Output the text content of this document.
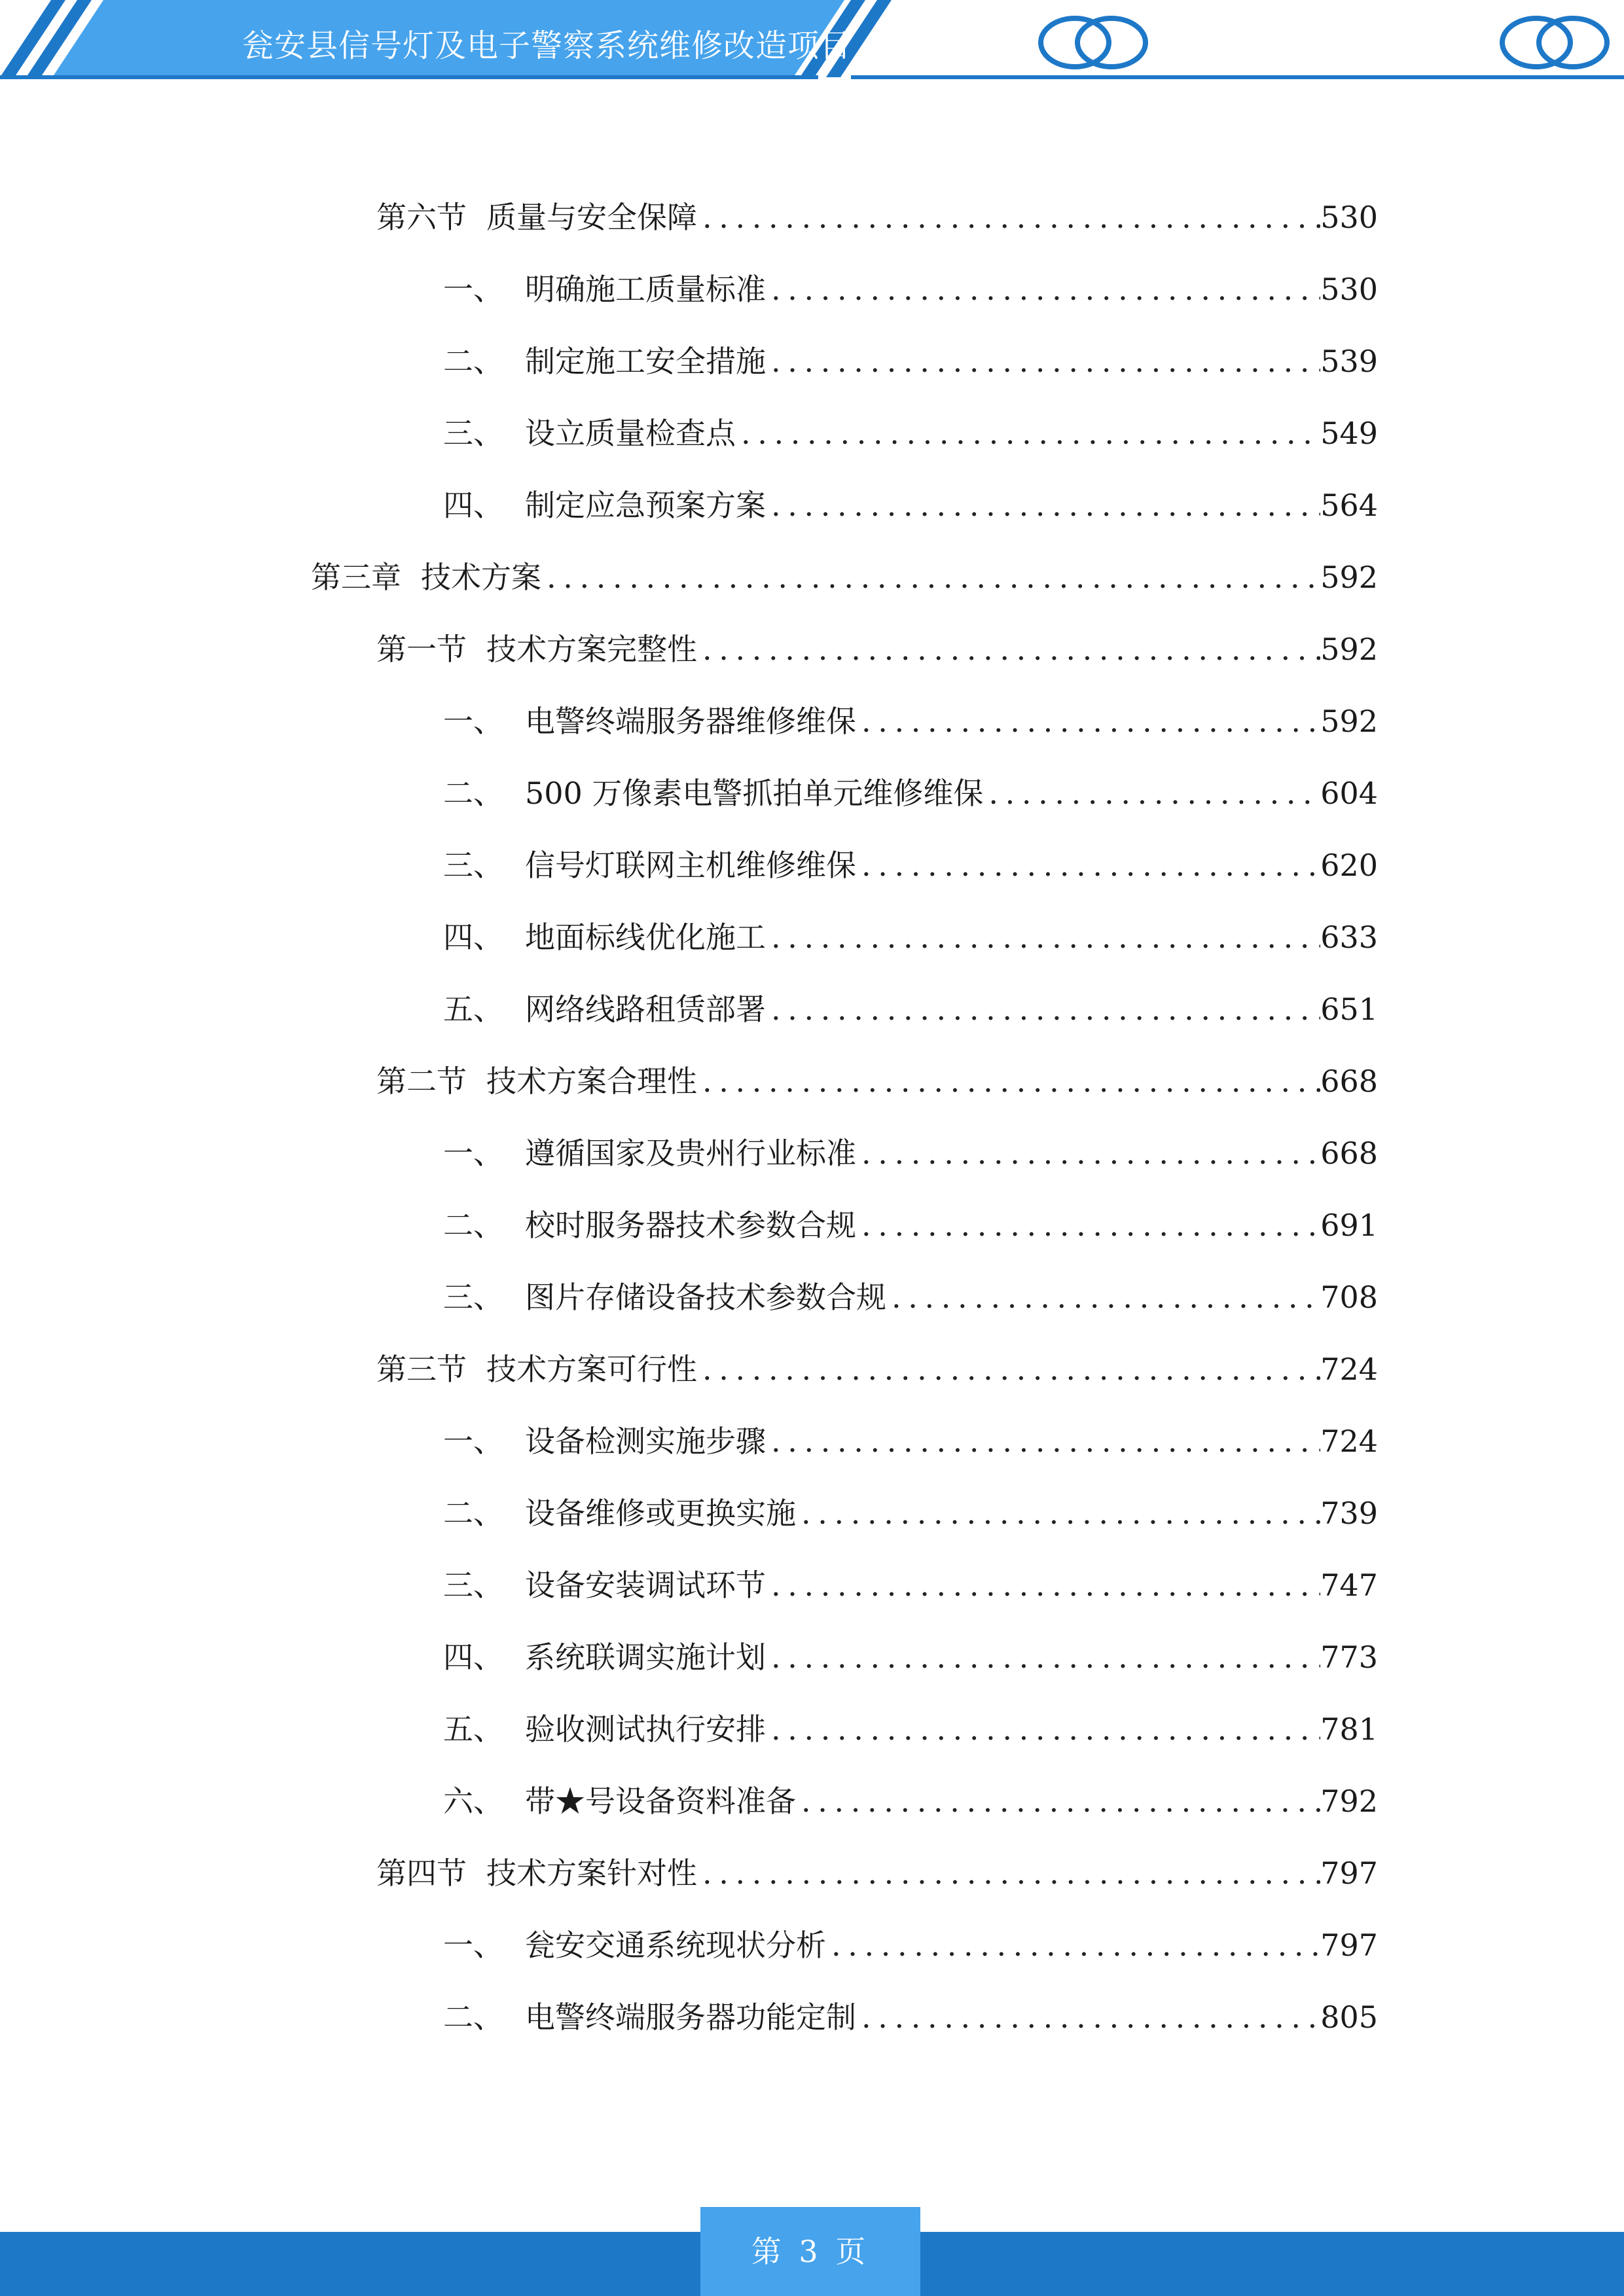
瓮安县信号灯及电子警察系统维修改造项目
第六节 质量与安全保障 . . .	530
一、 明确施工质量标准 . . .	530
二、 制定施工安全措施 . . .	539
三、 设立质量检查点 . . .	549
四、 制定应急预案方案 . . .	564
第三章 技术方案 . . .	592
第一节 技术方案完整性 . . .	592
一、 电警终端服务器维修维保 . . .	592
二、 500 万像素电警抓拍单元维修维保 . . .	604
三、 信号灯联网主机维修维保 . . .	620
四、 地面标线优化施工 . . .	633
五、 网络线路租赁部署 . . .	651
第二节 技术方案合理性 . . .	668
一、 遵循国家及贵州行业标准 . . .	668
二、 校时服务器技术参数合规 . . .	691
三、 图片存储设备技术参数合规 . . .	708
第三节 技术方案可行性 . . .	724
一、 设备检测实施步骤 . . .	724
二、 设备维修或更换实施 . . .	739
三、 设备安装调试环节 . . .	747
四、 系统联调实施计划 . . .	773
五、 验收测试执行安排 . . .	781
六、 带★号设备资料准备 . . .	792
第四节 技术方案针对性 . . .	797
一、 瓮安交通系统现状分析 . . .	797
二、 电警终端服务器功能定制 . . .	805
第 3 页
